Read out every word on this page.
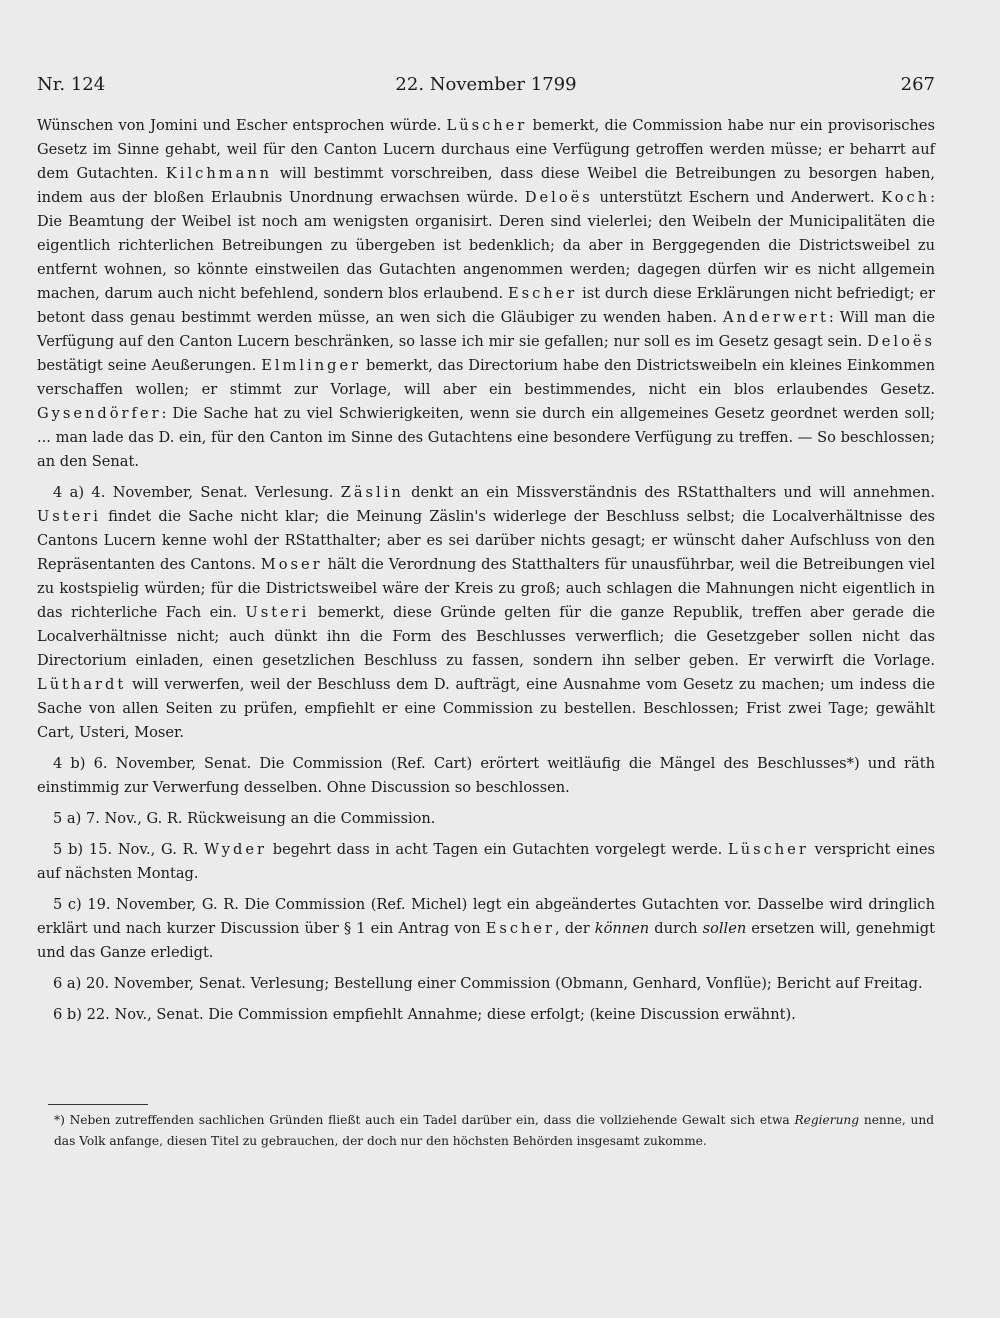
Nr. 124	22. November 1799	267

Wünschen von Jomini und Escher entsprochen würde. Lüscher bemerkt, die Commission habe nur ein provisorisches Gesetz im Sinne gehabt, weil für den Canton Lucern durchaus eine Verfügung getroffen werden müsse; er beharrt auf dem Gutachten. Kilchmann will bestimmt vorschreiben, dass diese Weibel die Betreibungen zu besorgen haben, indem aus der bloßen Erlaubnis Unordnung erwachsen würde. Deloës unterstützt Eschern und Anderwert. Koch: Die Beamtung der Weibel ist noch am wenigsten organisirt. Deren sind vielerlei; den Weibeln der Municipalitäten die eigentlich richterlichen Betreibungen zu übergeben ist bedenklich; da aber in Berggegenden die Districtsweibel zu entfernt wohnen, so könnte einstweilen das Gutachten angenommen werden; dagegen dürfen wir es nicht allgemein machen, darum auch nicht befehlend, sondern blos erlaubend. Escher ist durch diese Erklärungen nicht befriedigt; er betont dass genau bestimmt werden müsse, an wen sich die Gläubiger zu wenden haben. Anderwert: Will man die Verfügung auf den Canton Lucern beschränken, so lasse ich mir sie gefallen; nur soll es im Gesetz gesagt sein. Deloës bestätigt seine Aeußerungen. Elmlinger bemerkt, das Directorium habe den Districtsweibeln ein kleines Einkommen verschaffen wollen; er stimmt zur Vorlage, will aber ein bestimmendes, nicht ein blos erlaubendes Gesetz. Gysendörfer: Die Sache hat zu viel Schwierigkeiten, wenn sie durch ein allgemeines Gesetz geordnet werden soll; ... man lade das D. ein, für den Canton im Sinne des Gutachtens eine besondere Verfügung zu treffen. — So beschlossen; an den Senat.

4 a) 4. November, Senat. Verlesung. Zäslin denkt an ein Missverständnis des RStatthalters und will annehmen. Usteri findet die Sache nicht klar; die Meinung Zäslin's widerlege der Beschluss selbst; die Localverhältnisse des Cantons Lucern kenne wohl der RStatthalter; aber es sei darüber nichts gesagt; er wünscht daher Aufschluss von den Repräsentanten des Cantons. Moser hält die Verordnung des Statthalters für unausführbar, weil die Betreibungen viel zu kostspielig würden; für die Districtsweibel wäre der Kreis zu groß; auch schlagen die Mahnungen nicht eigentlich in das richterliche Fach ein. Usteri bemerkt, diese Gründe gelten für die ganze Republik, treffen aber gerade die Localverhältnisse nicht; auch dünkt ihn die Form des Beschlusses verwerflich; die Gesetzgeber sollen nicht das Directorium einladen, einen gesetzlichen Beschluss zu fassen, sondern ihn selber geben. Er verwirft die Vorlage. Lüthardt will verwerfen, weil der Beschluss dem D. aufträgt, eine Ausnahme vom Gesetz zu machen; um indess die Sache von allen Seiten zu prüfen, empfiehlt er eine Commission zu bestellen. Beschlossen; Frist zwei Tage; gewählt Cart, Usteri, Moser.

4 b) 6. November, Senat. Die Commission (Ref. Cart) erörtert weitläufig die Mängel des Beschlusses*) und räth einstimmig zur Verwerfung desselben. Ohne Discussion so beschlossen.

5 a) 7. Nov., G. R. Rückweisung an die Commission.

5 b) 15. Nov., G. R. Wyder begehrt dass in acht Tagen ein Gutachten vorgelegt werde. Lüscher verspricht eines auf nächsten Montag.

5 c) 19. November, G. R. Die Commission (Ref. Michel) legt ein abgeändertes Gutachten vor. Dasselbe wird dringlich erklärt und nach kurzer Discussion über § 1 ein Antrag von Escher, der können durch sollen ersetzen will, genehmigt und das Ganze erledigt.

6 a) 20. November, Senat. Verlesung; Bestellung einer Commission (Obmann, Genhard, Vonflüe); Bericht auf Freitag.

6 b) 22. Nov., Senat. Die Commission empfiehlt Annahme; diese erfolgt; (keine Discussion erwähnt).

*) Neben zutreffenden sachlichen Gründen fließt auch ein Tadel darüber ein, dass die vollziehende Gewalt sich etwa Regierung nenne, und das Volk anfange, diesen Titel zu gebrauchen, der doch nur den höchsten Behörden insgesamt zukomme.
